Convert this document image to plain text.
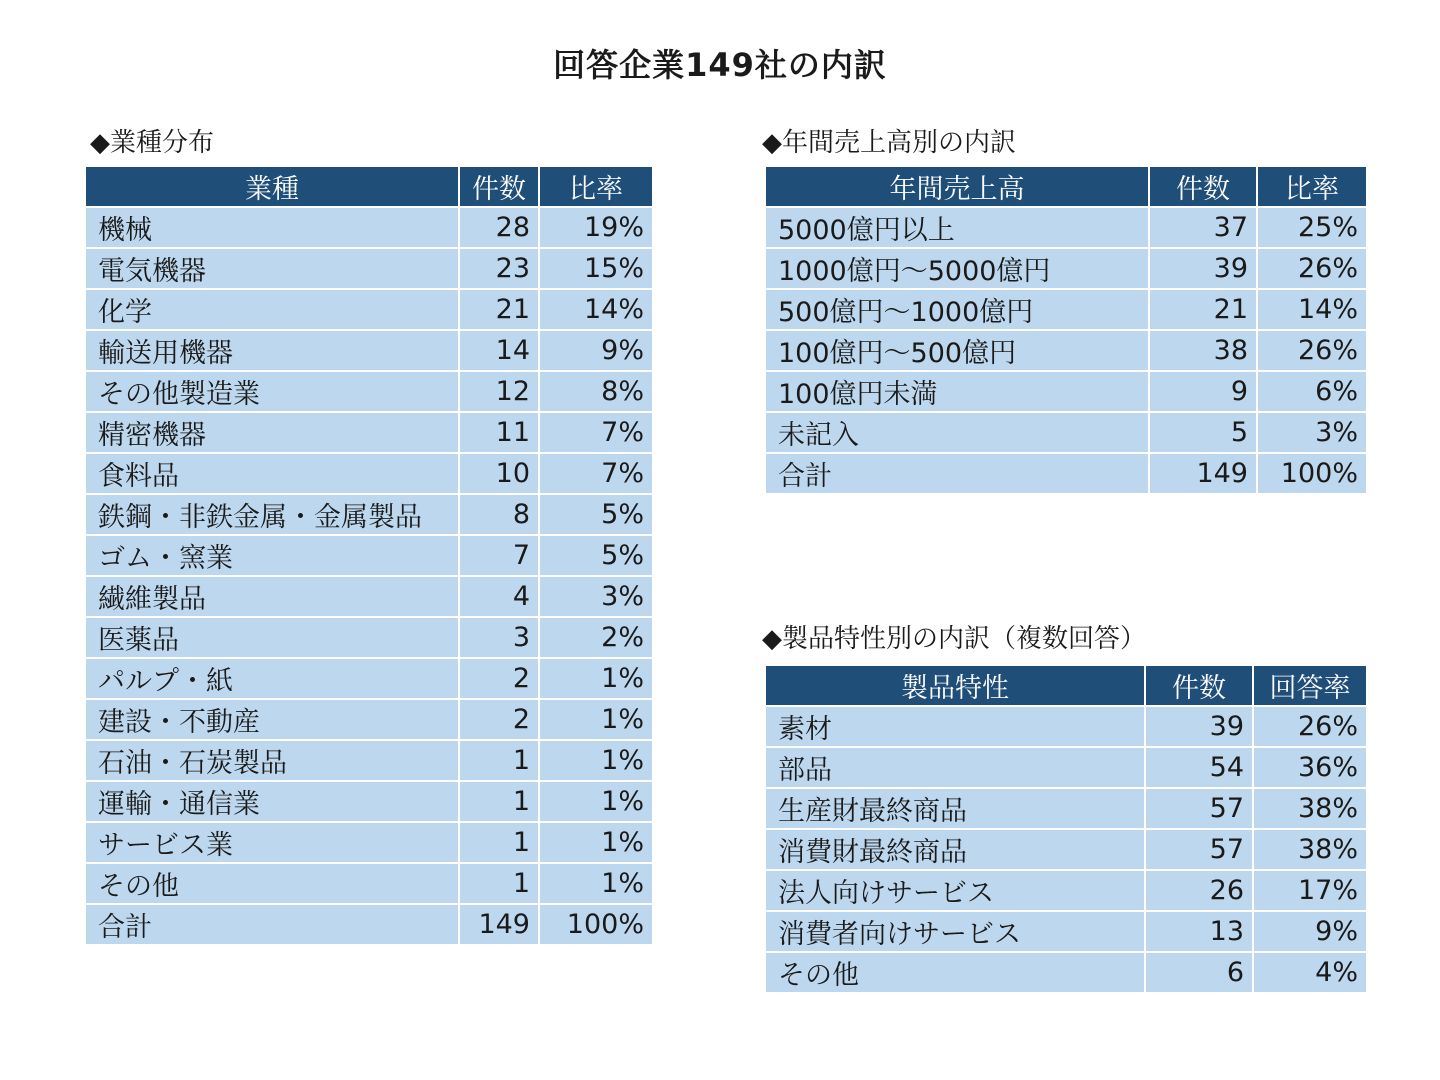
回答企業149社の内訳
◆業種分布
業種	件数	比率
機械	28	19%
電気機器	23	15%
化学	21	14%
輸送用機器	14	9%
その他製造業	12	8%
精密機器	11	7%
食料品	10	7%
鉄鋼・非鉄金属・金属製品	8	5%
ゴム・窯業	7	5%
繊維製品	4	3%
医薬品	3	2%
パルプ・紙	2	1%
建設・不動産	2	1%
石油・石炭製品	1	1%
運輸・通信業	1	1%
サービス業	1	1%
その他	1	1%
合計	149	100%
◆年間売上高別の内訳
年間売上高	件数	比率
5000億円以上	37	25%
1000億円～5000億円	39	26%
500億円～1000億円	21	14%
100億円～500億円	38	26%
100億円未満	9	6%
未記入	5	3%
合計	149	100%
◆製品特性別の内訳（複数回答）
製品特性	件数	回答率
素材	39	26%
部品	54	36%
生産財最終商品	57	38%
消費財最終商品	57	38%
法人向けサービス	26	17%
消費者向けサービス	13	9%
その他	6	4%
